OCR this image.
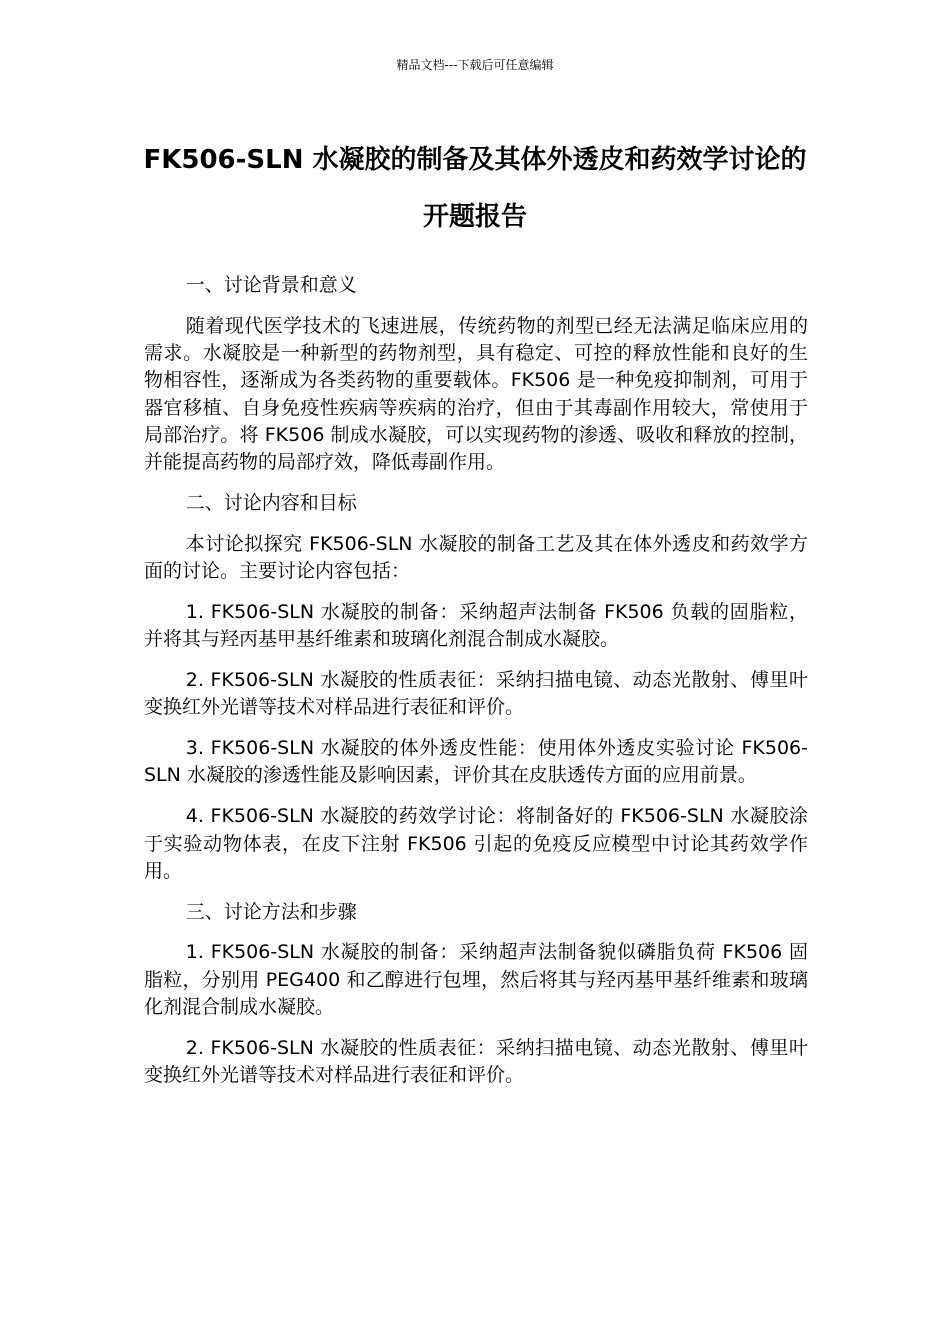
精品文档---下载后可任意编辑
FK506-SLN 水凝胶的制备及其体外透皮和药效学讨论的开题报告

一、讨论背景和意义

随着现代医学技术的飞速进展，传统药物的剂型已经无法满足临床应用的需求。水凝胶是一种新型的药物剂型，具有稳定、可控的释放性能和良好的生物相容性，逐渐成为各类药物的重要载体。FK506 是一种免疫抑制剂，可用于器官移植、自身免疫性疾病等疾病的治疗，但由于其毒副作用较大，常使用于局部治疗。将 FK506 制成水凝胶，可以实现药物的渗透、吸收和释放的控制，并能提高药物的局部疗效，降低毒副作用。

二、讨论内容和目标

本讨论拟探究 FK506-SLN 水凝胶的制备工艺及其在体外透皮和药效学方面的讨论。主要讨论内容包括：

1. FK506-SLN 水凝胶的制备：采纳超声法制备 FK506 负载的固脂粒，并将其与羟丙基甲基纤维素和玻璃化剂混合制成水凝胶。

2. FK506-SLN 水凝胶的性质表征：采纳扫描电镜、动态光散射、傅里叶变换红外光谱等技术对样品进行表征和评价。

3. FK506-SLN 水凝胶的体外透皮性能：使用体外透皮实验讨论 FK506-SLN 水凝胶的渗透性能及影响因素，评价其在皮肤透传方面的应用前景。

4. FK506-SLN 水凝胶的药效学讨论：将制备好的 FK506-SLN 水凝胶涂于实验动物体表，在皮下注射 FK506 引起的免疫反应模型中讨论其药效学作用。

三、讨论方法和步骤

1. FK506-SLN 水凝胶的制备：采纳超声法制备貌似磷脂负荷 FK506 固脂粒，分别用 PEG400 和乙醇进行包埋，然后将其与羟丙基甲基纤维素和玻璃化剂混合制成水凝胶。

2. FK506-SLN 水凝胶的性质表征：采纳扫描电镜、动态光散射、傅里叶变换红外光谱等技术对样品进行表征和评价。
